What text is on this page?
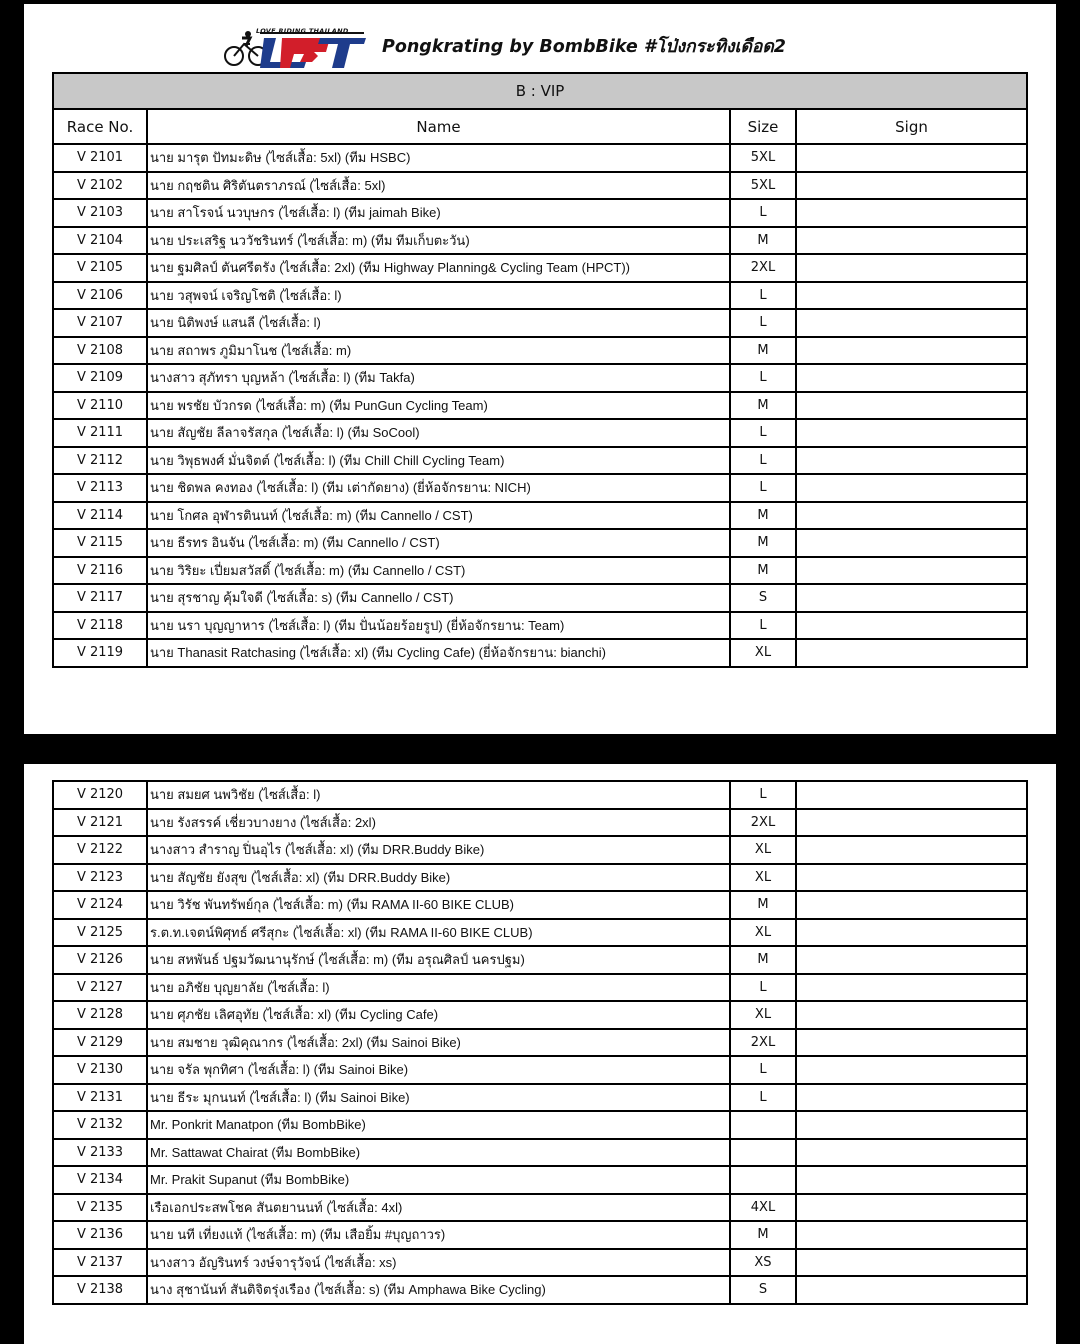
LOVE RIDING THAILAND
Pongkrating by BombBike #โป่งกระทิงเดือด2
B : VIP			
Race No.	Name	Size	Sign
V 2101	นาย มารุต ปัทมะดิษ (ไซส์เสื้อ: 5xl) (ทีม HSBC)	5XL	
V 2102	นาย กฤชติน ศิริตันตราภรณ์ (ไซส์เสื้อ: 5xl)	5XL	
V 2103	นาย สาโรจน์ นวบุษกร (ไซส์เสื้อ: l) (ทีม jaimah Bike)	L	
V 2104	นาย ประเสริฐ นววัชรินทร์ (ไซส์เสื้อ: m) (ทีม ทีมเก็บตะวัน)	M	
V 2105	นาย ฐมศิลป์ ตันศรีตรัง (ไซส์เสื้อ: 2xl) (ทีม Highway Planning& Cycling Team (HPCT))	2XL	
V 2106	นาย วสุพจน์ เจริญโชติ (ไซส์เสื้อ: l)	L	
V 2107	นาย นิติพงษ์ แสนลี (ไซส์เสื้อ: l)	L	
V 2108	นาย สถาพร ภูมิมาโนช (ไซส์เสื้อ: m)	M	
V 2109	นางสาว สุภัทรา บุญหล้า (ไซส์เสื้อ: l) (ทีม Takfa)	L	
V 2110	นาย พรชัย บัวกรด (ไซส์เสื้อ: m) (ทีม PunGun Cycling Team)	M	
V 2111	นาย สัญชัย ลีลาจรัสกุล (ไซส์เสื้อ: l) (ทีม SoCool)	L	
V 2112	นาย วิพุธพงศ์ มั่นจิตต์ (ไซส์เสื้อ: l) (ทีม Chill Chill Cycling Team)	L	
V 2113	นาย ชิดพล คงทอง (ไซส์เสื้อ: l) (ทีม เต่ากัดยาง) (ยี่ห้อจักรยาน: NICH)	L	
V 2114	นาย โกศล อุฬารตินนท์ (ไซส์เสื้อ: m) (ทีม Cannello / CST)	M	
V 2115	นาย ธีรทร อินจัน (ไซส์เสื้อ: m) (ทีม Cannello / CST)	M	
V 2116	นาย วิริยะ เปี่ยมสวัสดิ์ (ไซส์เสื้อ: m) (ทีม Cannello / CST)	M	
V 2117	นาย สุรชาญ คุ้มใจดี (ไซส์เสื้อ: s) (ทีม Cannello / CST)	S	
V 2118	นาย นรา บุญญาหาร (ไซส์เสื้อ: l) (ทีม ปั่นน้อยร้อยรูป) (ยี่ห้อจักรยาน: Team)	L	
V 2119	นาย Thanasit Ratchasing (ไซส์เสื้อ: xl) (ทีม Cycling Cafe) (ยี่ห้อจักรยาน: bianchi)	XL	
V 2120	นาย สมยศ นพวิชัย (ไซส์เสื้อ: l)	L	
V 2121	นาย รังสรรค์ เชี่ยวบางยาง (ไซส์เสื้อ: 2xl)	2XL	
V 2122	นางสาว สำราญ ปิ่นอุไร (ไซส์เสื้อ: xl) (ทีม DRR.Buddy Bike)	XL	
V 2123	นาย สัญชัย ยังสุข (ไซส์เสื้อ: xl) (ทีม DRR.Buddy Bike)	XL	
V 2124	นาย วิรัช พันทรัพย์กุล (ไซส์เสื้อ: m) (ทีม RAMA II-60 BIKE CLUB)	M	
V 2125	ร.ต.ท.เจตน์พิศุทธ์ ศรีสุกะ (ไซส์เสื้อ: xl) (ทีม RAMA II-60 BIKE CLUB)	XL	
V 2126	นาย สหพันธ์ ปฐมวัฒนานุรักษ์ (ไซส์เสื้อ: m) (ทีม อรุณศิลป์ นครปฐม)	M	
V 2127	นาย อภิชัย บุญยาลัย (ไซส์เสื้อ: l)	L	
V 2128	นาย ศุภชัย เลิศอุทัย (ไซส์เสื้อ: xl) (ทีม Cycling Cafe)	XL	
V 2129	นาย สมชาย วุฒิคุณากร (ไซส์เสื้อ: 2xl) (ทีม Sainoi Bike)	2XL	
V 2130	นาย จรัล พุกทิศา (ไซส์เสื้อ: l) (ทีม Sainoi Bike)	L	
V 2131	นาย ธีระ มุกนนท์ (ไซส์เสื้อ: l) (ทีม Sainoi Bike)	L	
V 2132	Mr. Ponkrit Manatpon (ทีม BombBike)		
V 2133	Mr. Sattawat Chairat (ทีม BombBike)		
V 2134	Mr. Prakit Supanut (ทีม BombBike)		
V 2135	เรือเอกประสพโชค สันตยานนท์ (ไซส์เสื้อ: 4xl)	4XL	
V 2136	นาย นที เที่ยงแท้ (ไซส์เสื้อ: m) (ทีม เสือยิ้ม #บุญถาวร)	M	
V 2137	นางสาว อัญรินทร์ วงษ์จารุวัจน์ (ไซส์เสื้อ: xs)	XS	
V 2138	นาง สุชานันท์ สันติจิตรุ่งเรือง (ไซส์เสื้อ: s) (ทีม Amphawa Bike Cycling)	S	
